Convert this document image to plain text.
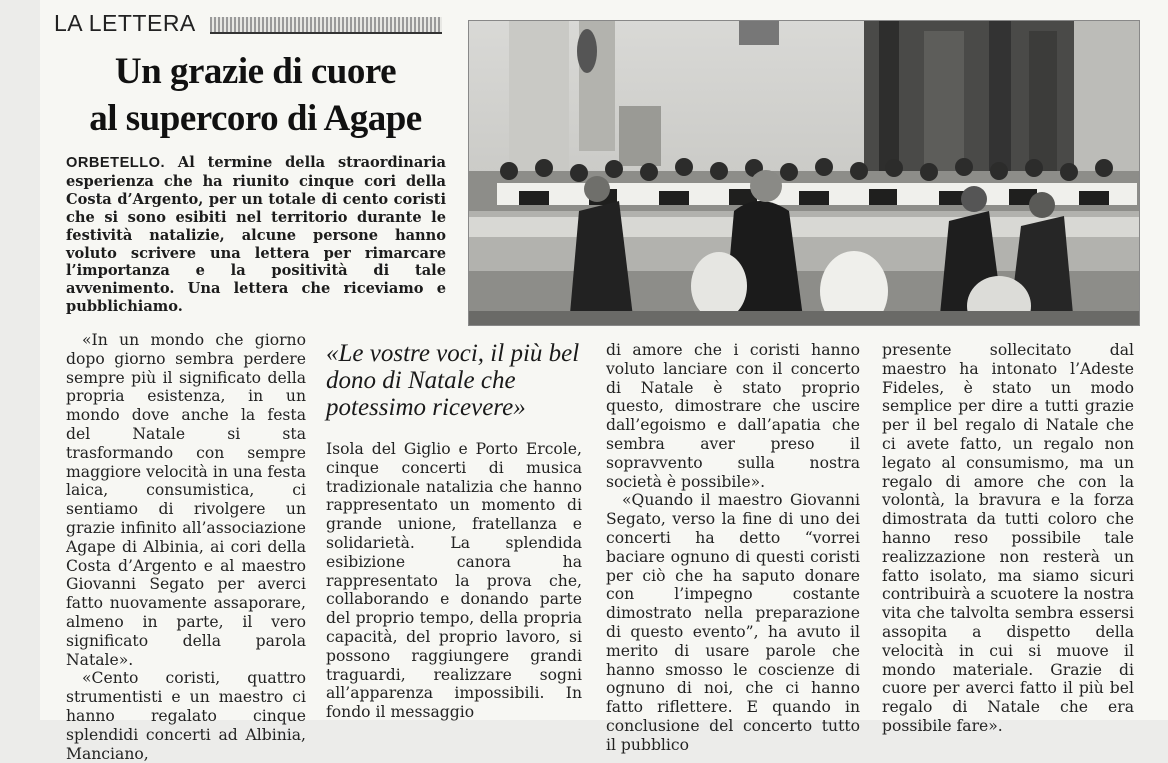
LA LETTERA
Un grazie di cuore
al supercoro di Agape

ORBETELLO. Al termine della straordinaria esperienza che ha riunito cinque cori della Costa d’Argento, per un totale di cento coristi che si sono esibiti nel territorio durante le festività natalizie, alcune persone hanno voluto scrivere una lettera per rimarcare l’importanza e la positività di tale avvenimento. Una lettera che riceviamo e pubblichiamo.

«In un mondo che giorno dopo giorno sembra perdere sempre più il significato della propria esistenza, in un mondo dove anche la festa del Natale si sta trasformando con sempre maggiore velocità in una festa laica, consumistica, ci sentiamo di rivolgere un grazie infinito all’associazione Agape di Albinia, ai cori della Costa d’Argento e al maestro Giovanni Segato per averci fatto nuovamente assaporare, almeno in parte, il vero significato della parola Natale».

«Cento coristi, quattro strumentisti e un maestro ci hanno regalato cinque splendidi concerti ad Albinia, Manciano,

«Le vostre voci, il più bel dono di Natale che potessimo ricevere»

Isola del Giglio e Porto Ercole, cinque concerti di musica tradizionale natalizia che hanno rappresentato un momento di grande unione, fratellanza e solidarietà. La splendida esibizione canora ha rappresentato la prova che, collaborando e donando parte del proprio tempo, della propria capacità, del proprio lavoro, si possono raggiungere grandi traguardi, realizzare sogni all’apparenza impossibili. In fondo il messaggio

di amore che i coristi hanno voluto lanciare con il concerto di Natale è stato proprio questo, dimostrare che uscire dall’egoismo e dall’apatia che sembra aver preso il sopravvento sulla nostra società è possibile».

«Quando il maestro Giovanni Segato, verso la fine di uno dei concerti ha detto “vorrei baciare ognuno di questi coristi per ciò che ha saputo donare con l’impegno costante dimostrato nella preparazione di questo evento”, ha avuto il merito di usare parole che hanno smosso le coscienze di ognuno di noi, che ci hanno fatto riflettere. E quando in conclusione del concerto tutto il pubblico

presente sollecitato dal maestro ha intonato l’Adeste Fideles, è stato un modo semplice per dire a tutti grazie per il bel regalo di Natale che ci avete fatto, un regalo non legato al consumismo, ma un regalo di amore che con la volontà, la bravura e la forza dimostrata da tutti coloro che hanno reso possibile tale realizzazione non resterà un fatto isolato, ma siamo sicuri contribuirà a scuotere la nostra vita che talvolta sembra essersi assopita a dispetto della velocità in cui si muove il mondo materiale. Grazie di cuore per averci fatto il più bel regalo di Natale che era possibile fare».
